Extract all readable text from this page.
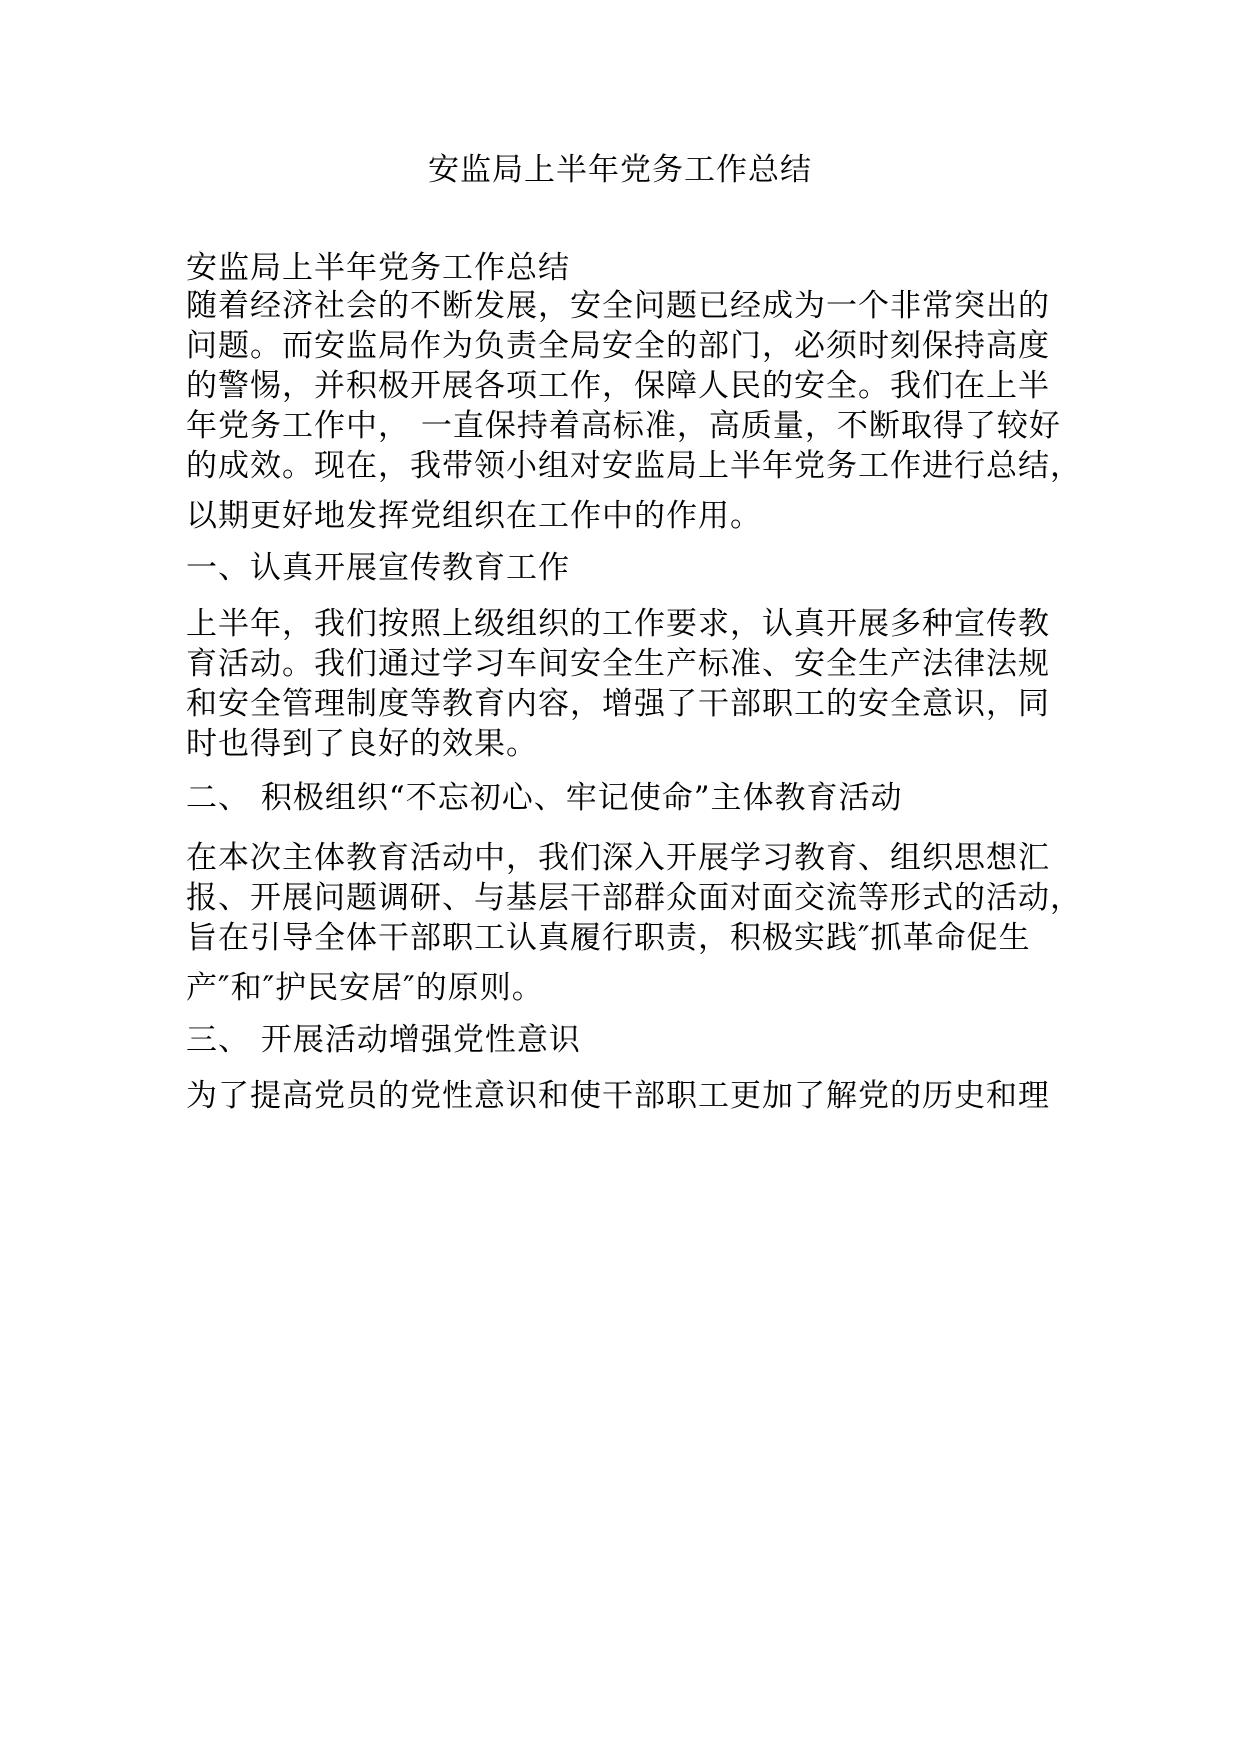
安监局上半年党务工作总结
安监局上半年党务工作总结
随着经济社会的不断发展，安全问题已经成为一个非常突出的
问题。而安监局作为负责全局安全的部门，必须时刻保持高度
的警惕，并积极开展各项工作，保障人民的安全。我们在上半
年党务工作中， 一直保持着高标准，高质量，不断取得了较好
的成效。现在，我带领小组对安监局上半年党务工作进行总结，
以期更好地发挥党组织在工作中的作用。
一、认真开展宣传教育工作
上半年，我们按照上级组织的工作要求，认真开展多种宣传教
育活动。我们通过学习车间安全生产标准、安全生产法律法规
和安全管理制度等教育内容，增强了干部职工的安全意识，同
时也得到了良好的效果。
二、 积极组织“不忘初心、牢记使命”主体教育活动
在本次主体教育活动中，我们深入开展学习教育、组织思想汇
报、开展问题调研、与基层干部群众面对面交流等形式的活动，
旨在引导全体干部职工认真履行职责，积极实践″抓革命促生
产″和″护民安居″的原则。
三、 开展活动增强党性意识
为了提高党员的党性意识和使干部职工更加了解党的历史和理
